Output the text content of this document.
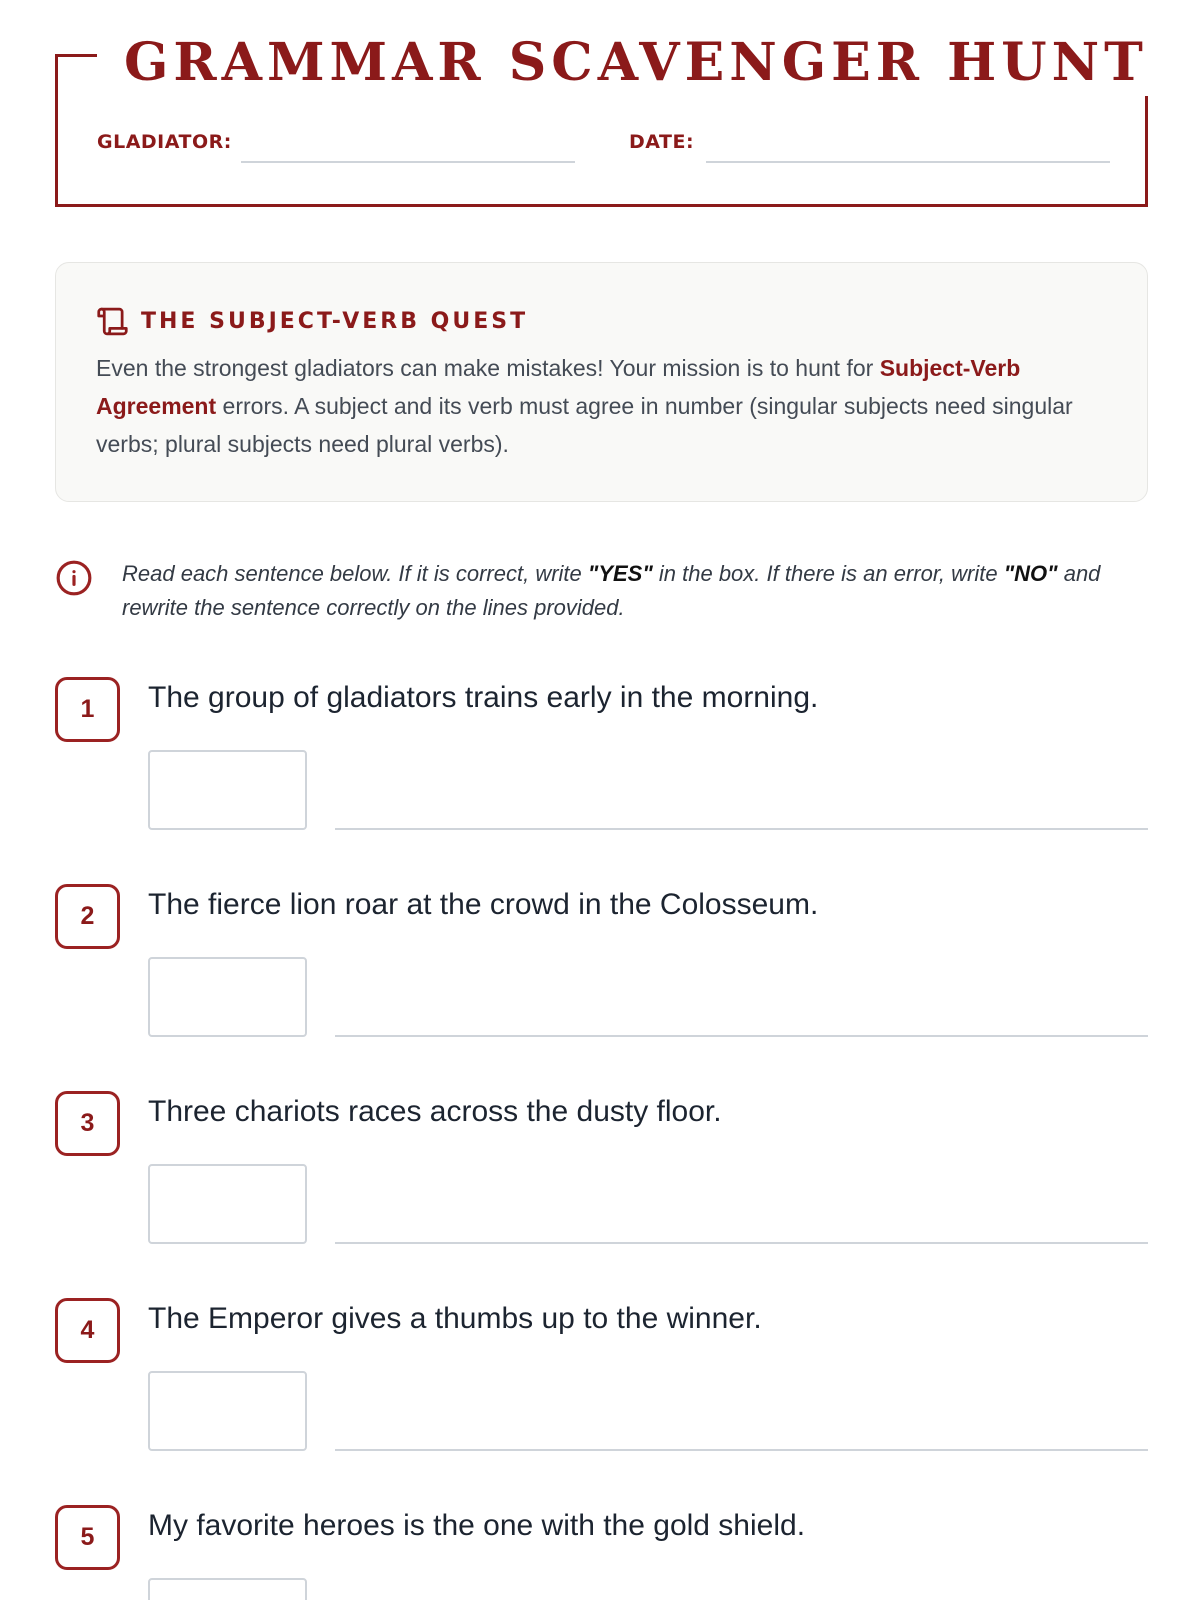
GRAMMAR SCAVENGER HUNT
GLADIATOR:	DATE:
THE SUBJECT-VERB QUEST

Even the strongest gladiators can make mistakes! Your mission is to hunt for Subject-Verb Agreement errors. A subject and its verb must agree in number (singular subjects need singular verbs; plural subjects need plural verbs).

Read each sentence below. If it is correct, write "YES" in the box. If there is an error, write "NO" and rewrite the sentence correctly on the lines provided.

1	The group of gladiators trains early in the morning.
2	The fierce lion roar at the crowd in the Colosseum.
3	Three chariots races across the dusty floor.
4	The Emperor gives a thumbs up to the winner.
5	My favorite heroes is the one with the gold shield.
